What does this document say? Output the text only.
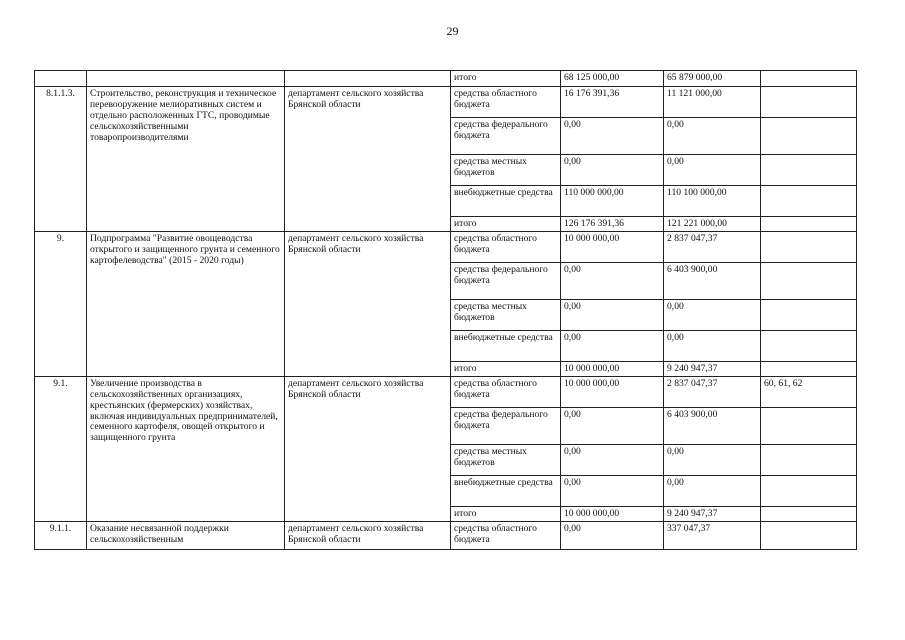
29
			итого	68 125 000,00	65 879 000,00	
8.1.1.3.	Строительство, реконструкция и техническое перевооружение мелиоративных систем и отдельно расположенных ГТС, проводимые сельскохозяйственными товаропроизводителями	департамент сельского хозяйства Брянской области	средства областного бюджета	16 176 391,36	11 121 000,00	
			средства федерального бюджета	0,00	0,00	
			средства местных бюджетов	0,00	0,00	
			внебюджетные средства	110 000 000,00	110 100 000,00	
			итого	126 176 391,36	121 221 000,00	
9.	Подпрограмма "Развитие овощеводства открытого и защищенного грунта и семенного картофелеводства" (2015 - 2020 годы)	департамент сельского хозяйства Брянской области	средства областного бюджета	10 000 000,00	2 837 047,37	
			средства федерального бюджета	0,00	6 403 900,00	
			средства местных бюджетов	0,00	0,00	
			внебюджетные средства	0,00	0,00	
			итого	10 000 000,00	9 240 947,37	
9.1.	Увеличение производства в сельскохозяйственных организациях, крестьянских (фермерских) хозяйствах, включая индивидуальных предпринимателей, семенного картофеля, овощей открытого и защищенного грунта	департамент сельского хозяйства Брянской области	средства областного бюджета	10 000 000,00	2 837 047,37	60, 61, 62
			средства федерального бюджета	0,00	6 403 900,00	
			средства местных бюджетов	0,00	0,00	
			внебюджетные средства	0,00	0,00	
			итого	10 000 000,00	9 240 947,37	
9.1.1.	Оказание несвязанной поддержки сельскохозяйственным	департамент сельского хозяйства Брянской области	средства областного бюджета	0,00	337 047,37	
